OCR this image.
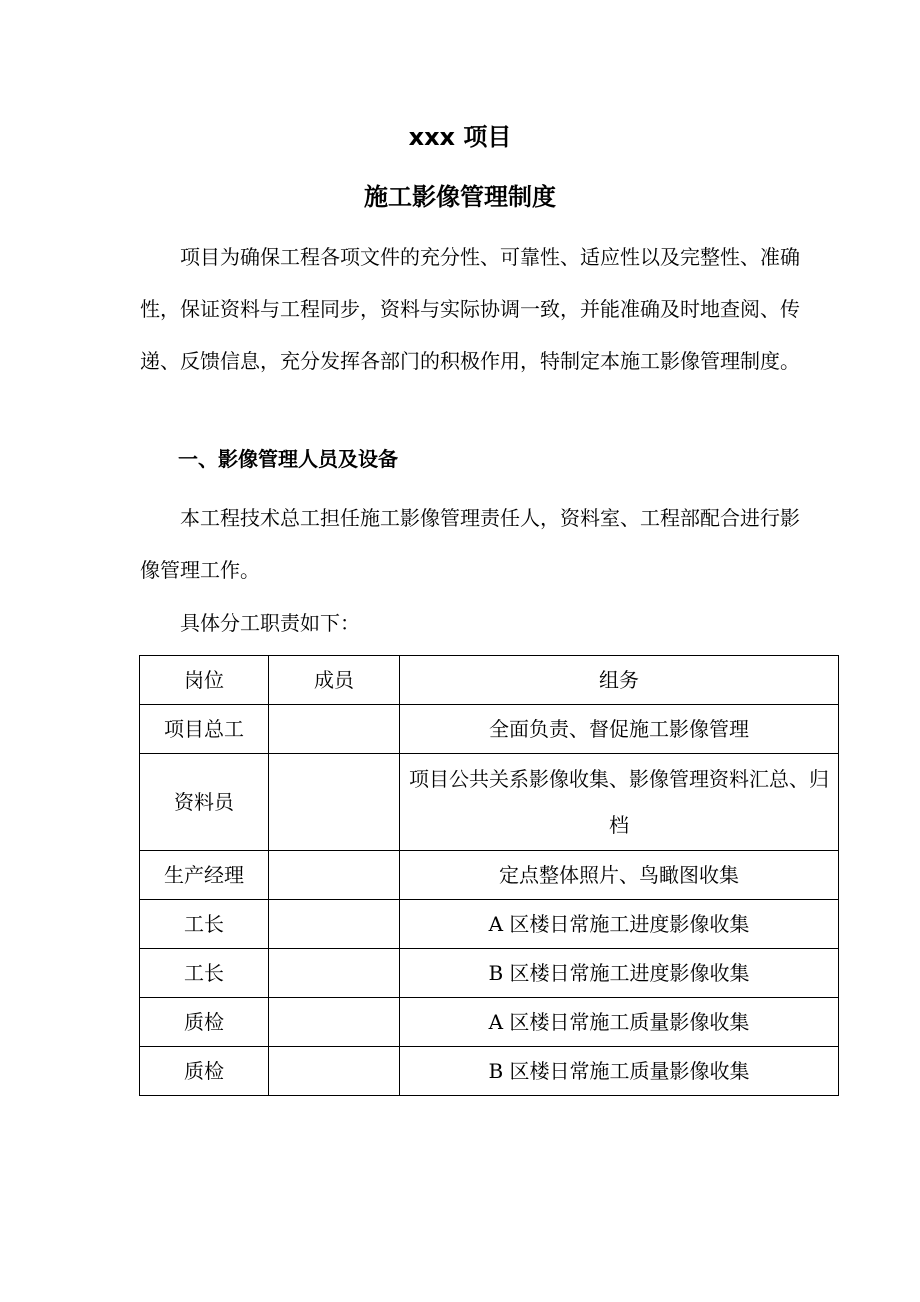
xxx 项目
施工影像管理制度

项目为确保工程各项文件的充分性、可靠性、适应性以及完整性、准确性，保证资料与工程同步，资料与实际协调一致，并能准确及时地查阅、传递、反馈信息，充分发挥各部门的积极作用，特制定本施工影像管理制度。

一、影像管理人员及设备

本工程技术总工担任施工影像管理责任人，资料室、工程部配合进行影像管理工作。

具体分工职责如下：

岗位	成员	组务
项目总工		全面负责、督促施工影像管理
资料员		项目公共关系影像收集、影像管理资料汇总、归档
生产经理		定点整体照片、鸟瞰图收集
工长		A 区楼日常施工进度影像收集
工长		B 区楼日常施工进度影像收集
质检		A 区楼日常施工质量影像收集
质检		B 区楼日常施工质量影像收集
